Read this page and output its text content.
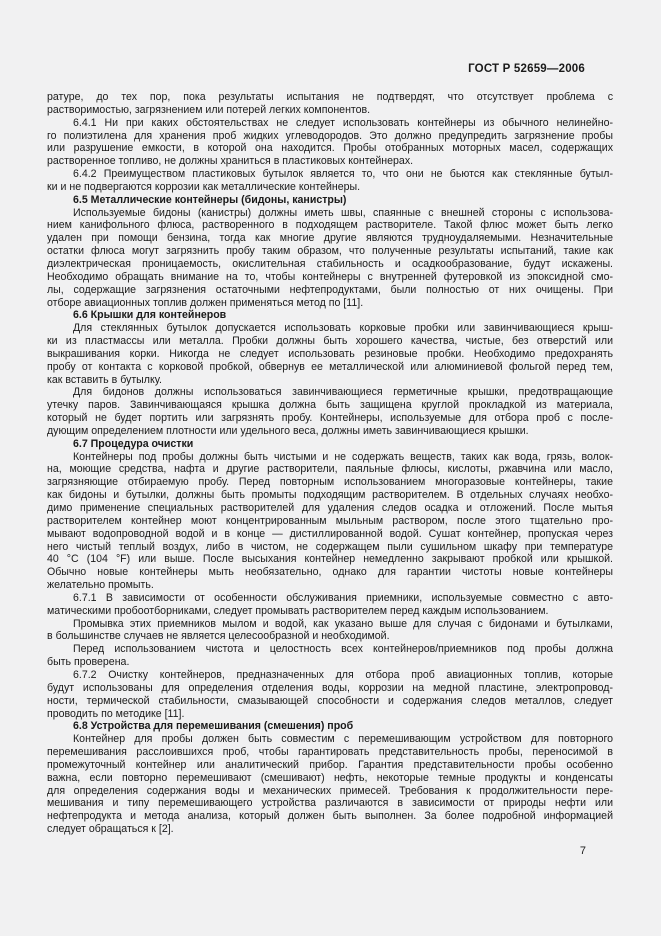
ГОСТ Р 52659—2006
ратуре, до тех пор, пока результаты испытания не подтвердят, что отсутствует проблема с
растворимостью, загрязнением или потерей легких компонентов.
6.4.1 Ни при каких обстоятельствах не следует использовать контейнеры из обычного нелинейно-
го полиэтилена для хранения проб жидких углеводородов. Это должно предупредить загрязнение пробы
или разрушение емкости, в которой она находится. Пробы отобранных моторных масел, содержащих
растворенное топливо, не должны храниться в пластиковых контейнерах.
6.4.2 Преимуществом пластиковых бутылок является то, что они не бьются как стеклянные бутыл-
ки и не подвергаются коррозии как металлические контейнеры.
6.5 Металлические контейнеры (бидоны, канистры)
Используемые бидоны (канистры) должны иметь швы, спаянные с внешней стороны с использова-
нием канифольного флюса, растворенного в подходящем растворителе. Такой флюс может быть легко
удален при помощи бензина, тогда как многие другие являются трудноудаляемыми. Незначительные
остатки флюса могут загрязнить пробу таким образом, что полученные результаты испытаний, такие как
диэлектрическая проницаемость, окислительная стабильность и осадкообразование, будут искажены.
Необходимо обращать внимание на то, чтобы контейнеры с внутренней футеровкой из эпоксидной смо-
лы, содержащие загрязнения остаточными нефтепродуктами, были полностью от них очищены. При
отборе авиационных топлив должен применяться метод по [11].
6.6 Крышки для контейнеров
Для стеклянных бутылок допускается использовать корковые пробки или завинчивающиеся крыш-
ки из пластмассы или металла. Пробки должны быть хорошего качества, чистые, без отверстий или
выкрашивания корки. Никогда не следует использовать резиновые пробки. Необходимо предохранять
пробу от контакта с корковой пробкой, обвернув ее металлической или алюминиевой фольгой перед тем,
как вставить в бутылку.
Для бидонов должны использоваться завинчивающиеся герметичные крышки, предотвращающие
утечку паров. Завинчивающаяся крышка должна быть защищена круглой прокладкой из материала,
который не будет портить или загрязнять пробу. Контейнеры, используемые для отбора проб с после-
дующим определением плотности или удельного веса, должны иметь завинчивающиеся крышки.
6.7 Процедура очистки
Контейнеры под пробы должны быть чистыми и не содержать веществ, таких как вода, грязь, волок-
на, моющие средства, нафта и другие растворители, паяльные флюсы, кислоты, ржавчина или масло,
загрязняющие отбираемую пробу. Перед повторным использованием многоразовые контейнеры, такие
как бидоны и бутылки, должны быть промыты подходящим растворителем. В отдельных случаях необхо-
димо применение специальных растворителей для удаления следов осадка и отложений. После мытья
растворителем контейнер моют концентрированным мыльным раствором, после этого тщательно про-
мывают водопроводной водой и в конце — дистиллированной водой. Сушат контейнер, пропуская через
него чистый теплый воздух, либо в чистом, не содержащем пыли сушильном шкафу при температуре
40 °C (104 °F) или выше. После высыхания контейнер немедленно закрывают пробкой или крышкой.
Обычно новые контейнеры мыть необязательно, однако для гарантии чистоты новые контейнеры
желательно промыть.
6.7.1 В зависимости от особенности обслуживания приемники, используемые совместно с авто-
матическими пробоотборниками, следует промывать растворителем перед каждым использованием.
Промывка этих приемников мылом и водой, как указано выше для случая с бидонами и бутылками,
в большинстве случаев не является целесообразной и необходимой.
Перед использованием чистота и целостность всех контейнеров/приемников под пробы должна
быть проверена.
6.7.2 Очистку контейнеров, предназначенных для отбора проб авиационных топлив, которые
будут использованы для определения отделения воды, коррозии на медной пластине, электропровод-
ности, термической стабильности, смазывающей способности и содержания следов металлов, следует
проводить по методике [11].
6.8 Устройства для перемешивания (смешения) проб
Контейнер для пробы должен быть совместим с перемешивающим устройством для повторного
перемешивания расслоившихся проб, чтобы гарантировать представительность пробы, переносимой в
промежуточный контейнер или аналитический прибор. Гарантия представительности пробы особенно
важна, если повторно перемешивают (смешивают) нефть, некоторые темные продукты и конденсаты
для определения содержания воды и механических примесей. Требования к продолжительности пере-
мешивания и типу перемешивающего устройства различаются в зависимости от природы нефти или
нефтепродукта и метода анализа, который должен быть выполнен. За более подробной информацией
следует обращаться к [2].
7
